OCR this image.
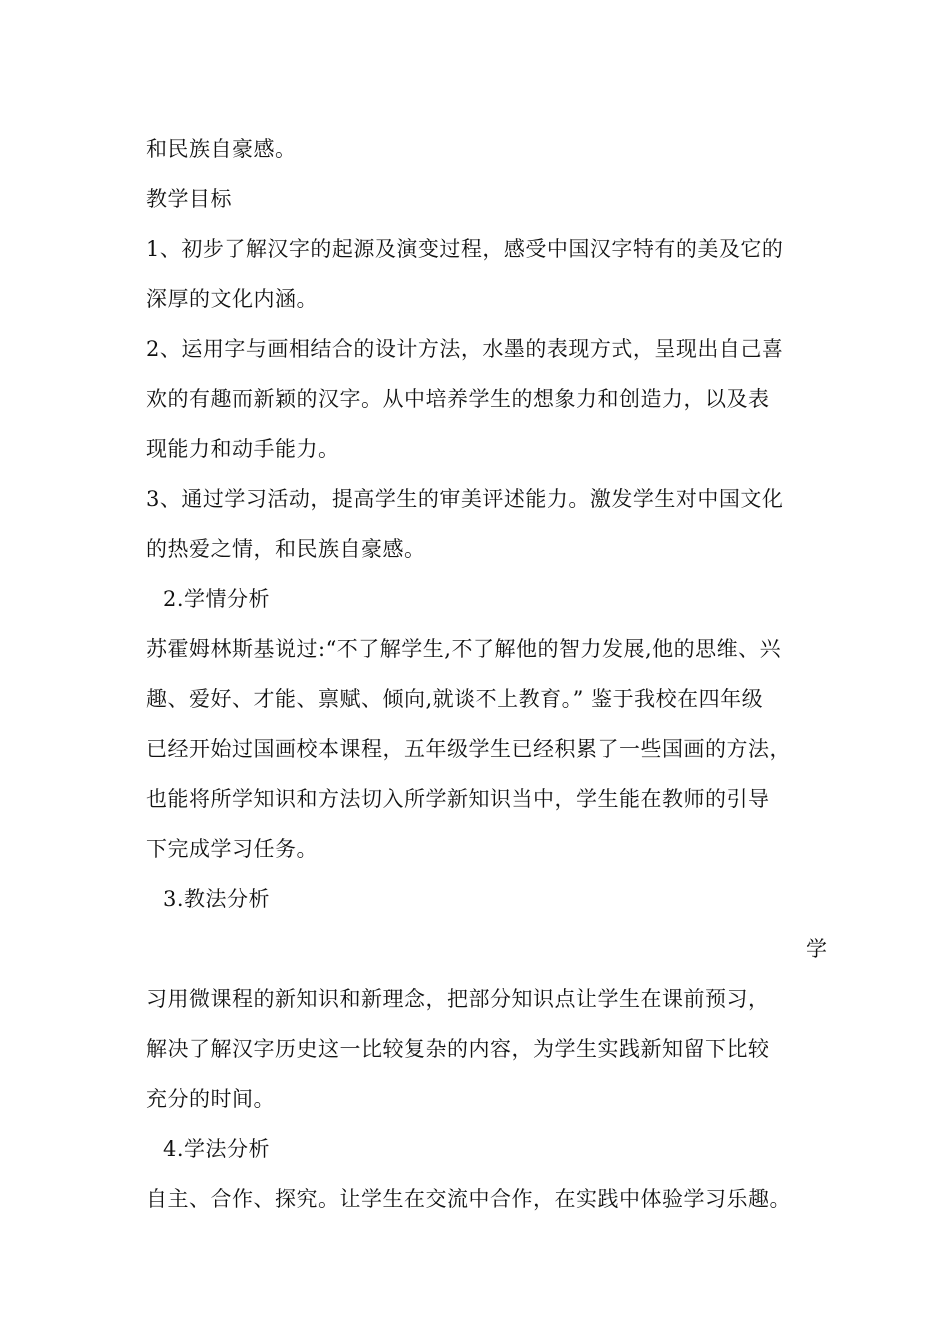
和民族自豪感。
教学目标
1、初步了解汉字的起源及演变过程，感受中国汉字特有的美及它的
深厚的文化内涵。
2、运用字与画相结合的设计方法，水墨的表现方式，呈现出自己喜
欢的有趣而新颖的汉字。从中培养学生的想象力和创造力，以及表
现能力和动手能力。
3、通过学习活动，提高学生的审美评述能力。激发学生对中国文化
的热爱之情，和民族自豪感。
2.学情分析
苏霍姆林斯基说过:“不了解学生,不了解他的智力发展,他的思维、兴
趣、爱好、才能、禀赋、倾向,就谈不上教育。” 鉴于我校在四年级
已经开始过国画校本课程，五年级学生已经积累了一些国画的方法，
也能将所学知识和方法切入所学新知识当中，学生能在教师的引导
下完成学习任务。
3.教法分析
学
习用微课程的新知识和新理念，把部分知识点让学生在课前预习，
解决了解汉字历史这一比较复杂的内容，为学生实践新知留下比较
充分的时间。
4.学法分析
自主、合作、探究。让学生在交流中合作，在实践中体验学习乐趣。
